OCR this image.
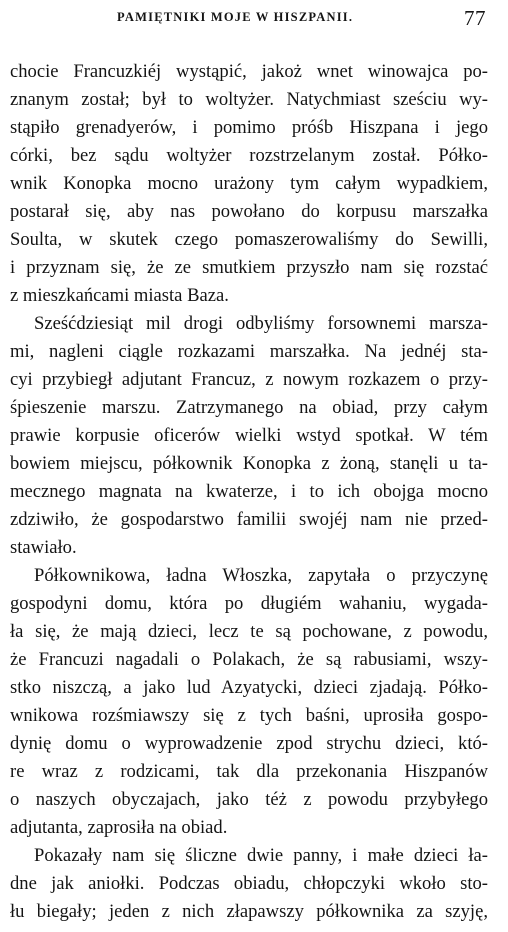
PAMIĘTNIKI MOJE W HISZPANII.	77
chocie Francuzkiéj wystąpić, jakoż wnet winowajca po-
znanym został; był to woltyżer. Natychmiast sześciu wy-
stąpiło grenadyerów, i pomimo próśb Hiszpana i jego
córki, bez sądu woltyżer rozstrzelanym został. Półko-
wnik Konopka mocno urażony tym całym wypadkiem,
postarał się, aby nas powołano do korpusu marszałka
Soulta, w skutek czego pomaszerowaliśmy do Sewilli,
i przyznam się, że ze smutkiem przyszło nam się rozstać
z mieszkańcami miasta Baza.
Sześćdziesiąt mil drogi odbyliśmy forsownemi marsza-
mi, nagleni ciągle rozkazami marszałka. Na jednéj sta-
cyi przybiegł adjutant Francuz, z nowym rozkazem o przy-
śpieszenie marszu. Zatrzymanego na obiad, przy całym
prawie korpusie oficerów wielki wstyd spotkał. W tém
bowiem miejscu, półkownik Konopka z żoną, stanęli u ta-
mecznego magnata na kwaterze, i to ich obojga mocno
zdziwiło, że gospodarstwo familii swojéj nam nie przed-
stawiało.
Półkownikowa, ładna Włoszka, zapytała o przyczynę
gospodyni domu, która po długiém wahaniu, wygada-
ła się, że mają dzieci, lecz te są pochowane, z powodu,
że Francuzi nagadali o Polakach, że są rabusiami, wszy-
stko niszczą, a jako lud Azyatycki, dzieci zjadają. Półko-
wnikowa rozśmiawszy się z tych baśni, uprosiła gospo-
dynię domu o wyprowadzenie zpod strychu dzieci, któ-
re wraz z rodzicami, tak dla przekonania Hiszpanów
o naszych obyczajach, jako téż z powodu przybyłego
adjutanta, zaprosiła na obiad.
Pokazały nam się śliczne dwie panny, i małe dzieci ła-
dne jak aniołki. Podczas obiadu, chłopczyki wkoło sto-
łu biegały; jeden z nich złapawszy półkownika za szyję,
